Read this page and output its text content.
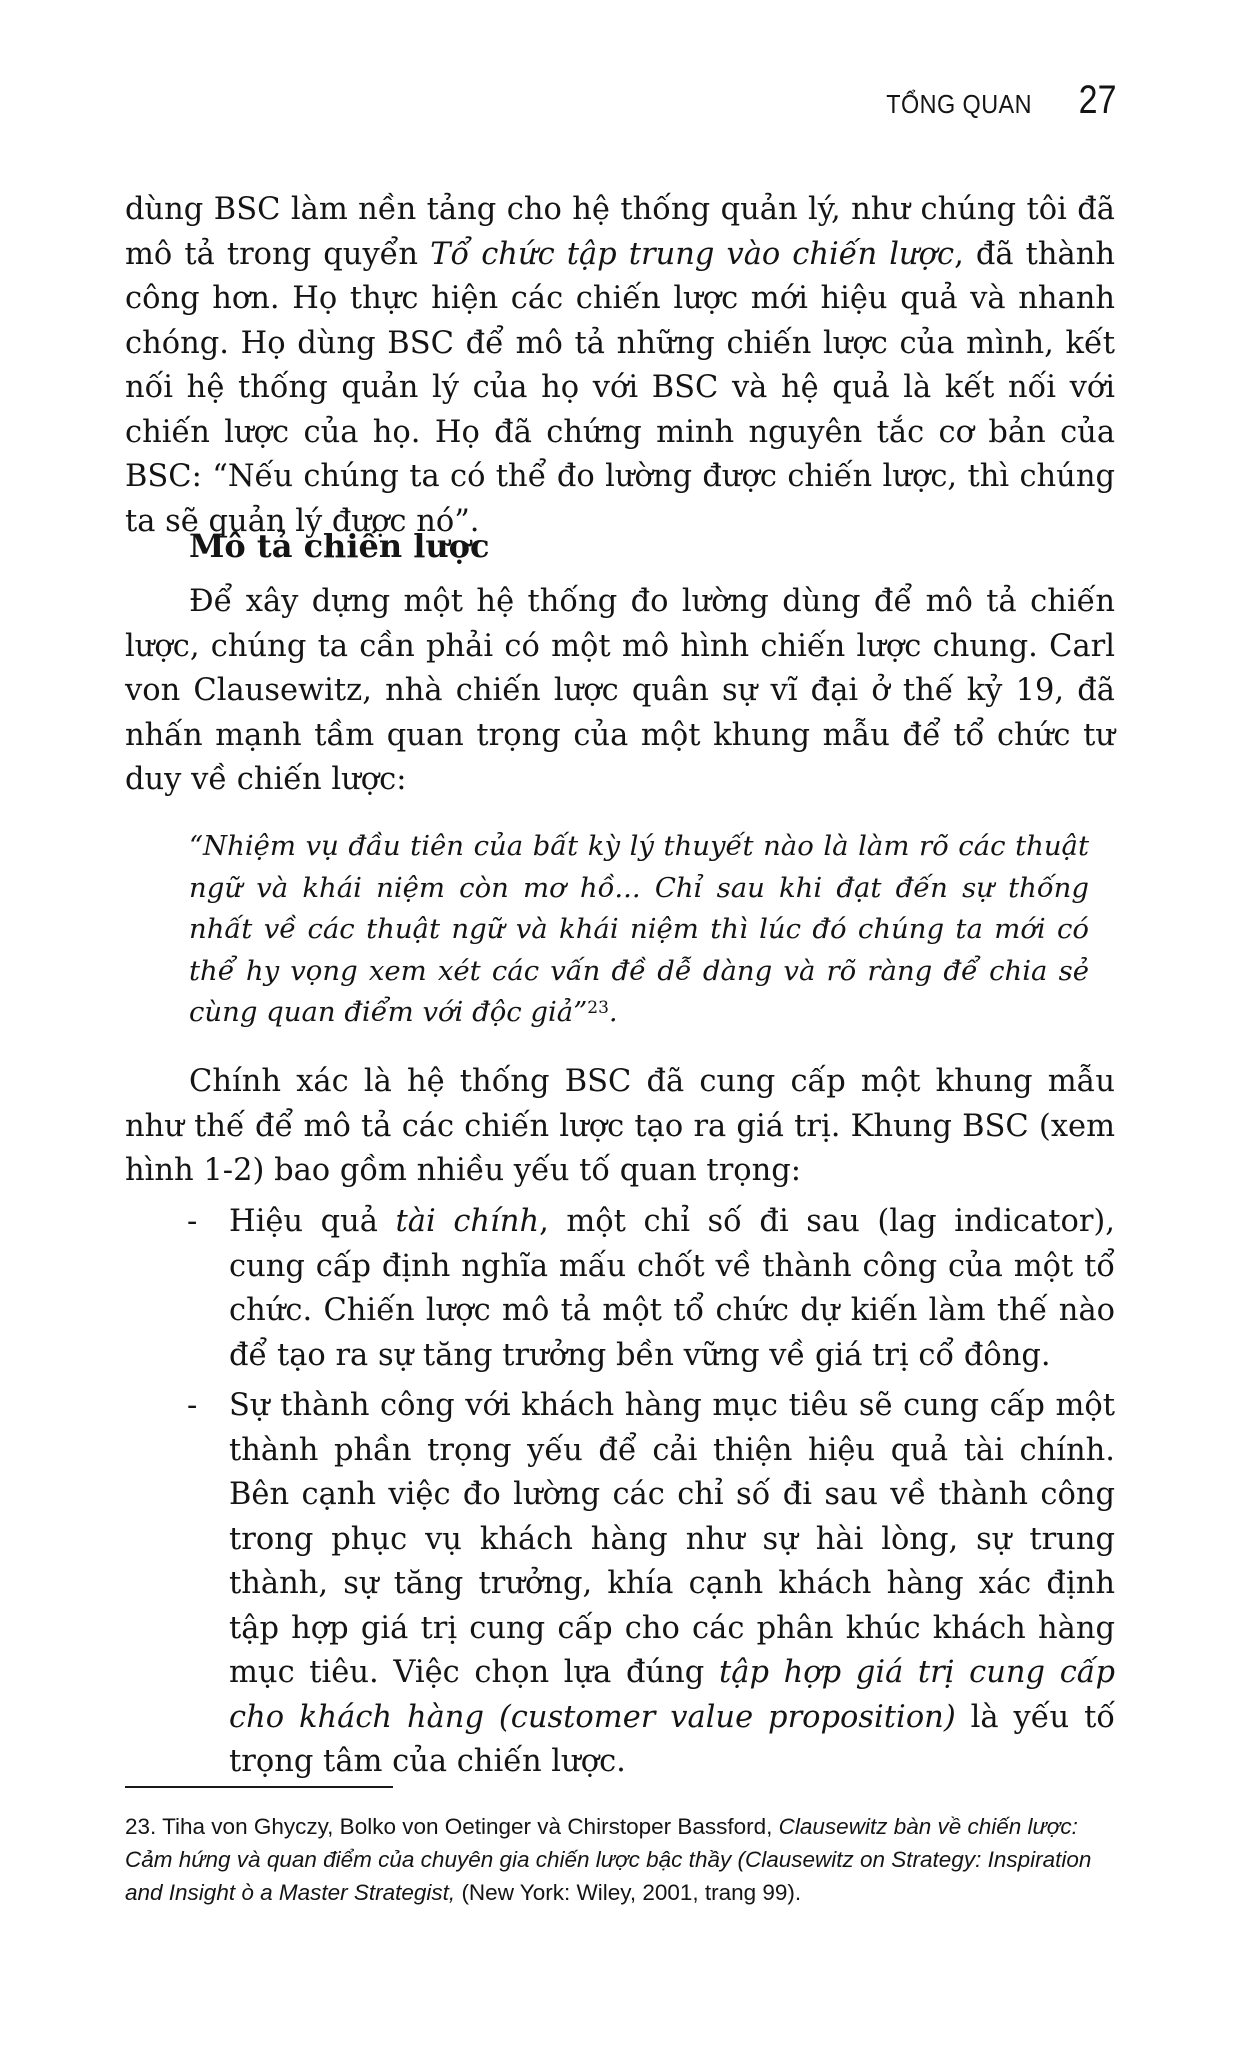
TỔNG QUAN 27

dùng BSC làm nền tảng cho hệ thống quản lý, như chúng tôi đã mô tả trong quyển Tổ chức tập trung vào chiến lược, đã thành công hơn. Họ thực hiện các chiến lược mới hiệu quả và nhanh chóng. Họ dùng BSC để mô tả những chiến lược của mình, kết nối hệ thống quản lý của họ với BSC và hệ quả là kết nối với chiến lược của họ. Họ đã chứng minh nguyên tắc cơ bản của BSC: “Nếu chúng ta có thể đo lường được chiến lược, thì chúng ta sẽ quản lý được nó”.

Mô tả chiến lược

Để xây dựng một hệ thống đo lường dùng để mô tả chiến lược, chúng ta cần phải có một mô hình chiến lược chung. Carl von Clausewitz, nhà chiến lược quân sự vĩ đại ở thế kỷ 19, đã nhấn mạnh tầm quan trọng của một khung mẫu để tổ chức tư duy về chiến lược:

“Nhiệm vụ đầu tiên của bất kỳ lý thuyết nào là làm rõ các thuật ngữ và khái niệm còn mơ hồ... Chỉ sau khi đạt đến sự thống nhất về các thuật ngữ và khái niệm thì lúc đó chúng ta mới có thể hy vọng xem xét các vấn đề dễ dàng và rõ ràng để chia sẻ cùng quan điểm với độc giả”$^{23}$.

Chính xác là hệ thống BSC đã cung cấp một khung mẫu như thế để mô tả các chiến lược tạo ra giá trị. Khung BSC (xem hình 1-2) bao gồm nhiều yếu tố quan trọng:

- Hiệu quả tài chính, một chỉ số đi sau (lag indicator), cung cấp định nghĩa mấu chốt về thành công của một tổ chức. Chiến lược mô tả một tổ chức dự kiến làm thế nào để tạo ra sự tăng trưởng bền vững về giá trị cổ đông.
- Sự thành công với khách hàng mục tiêu sẽ cung cấp một thành phần trọng yếu để cải thiện hiệu quả tài chính. Bên cạnh việc đo lường các chỉ số đi sau về thành công trong phục vụ khách hàng như sự hài lòng, sự trung thành, sự tăng trưởng, khía cạnh khách hàng xác định tập hợp giá trị cung cấp cho các phân khúc khách hàng mục tiêu. Việc chọn lựa đúng tập hợp giá trị cung cấp cho khách hàng (customer value proposition) là yếu tố trọng tâm của chiến lược.

23. Tiha von Ghyczy, Bolko von Oetinger và Chirstoper Bassford, Clausewitz bàn về chiến lược: Cảm hứng và quan điểm của chuyên gia chiến lược bậc thầy (Clausewitz on Strategy: Inspiration and Insight ò a Master Strategist, (New York: Wiley, 2001, trang 99).
